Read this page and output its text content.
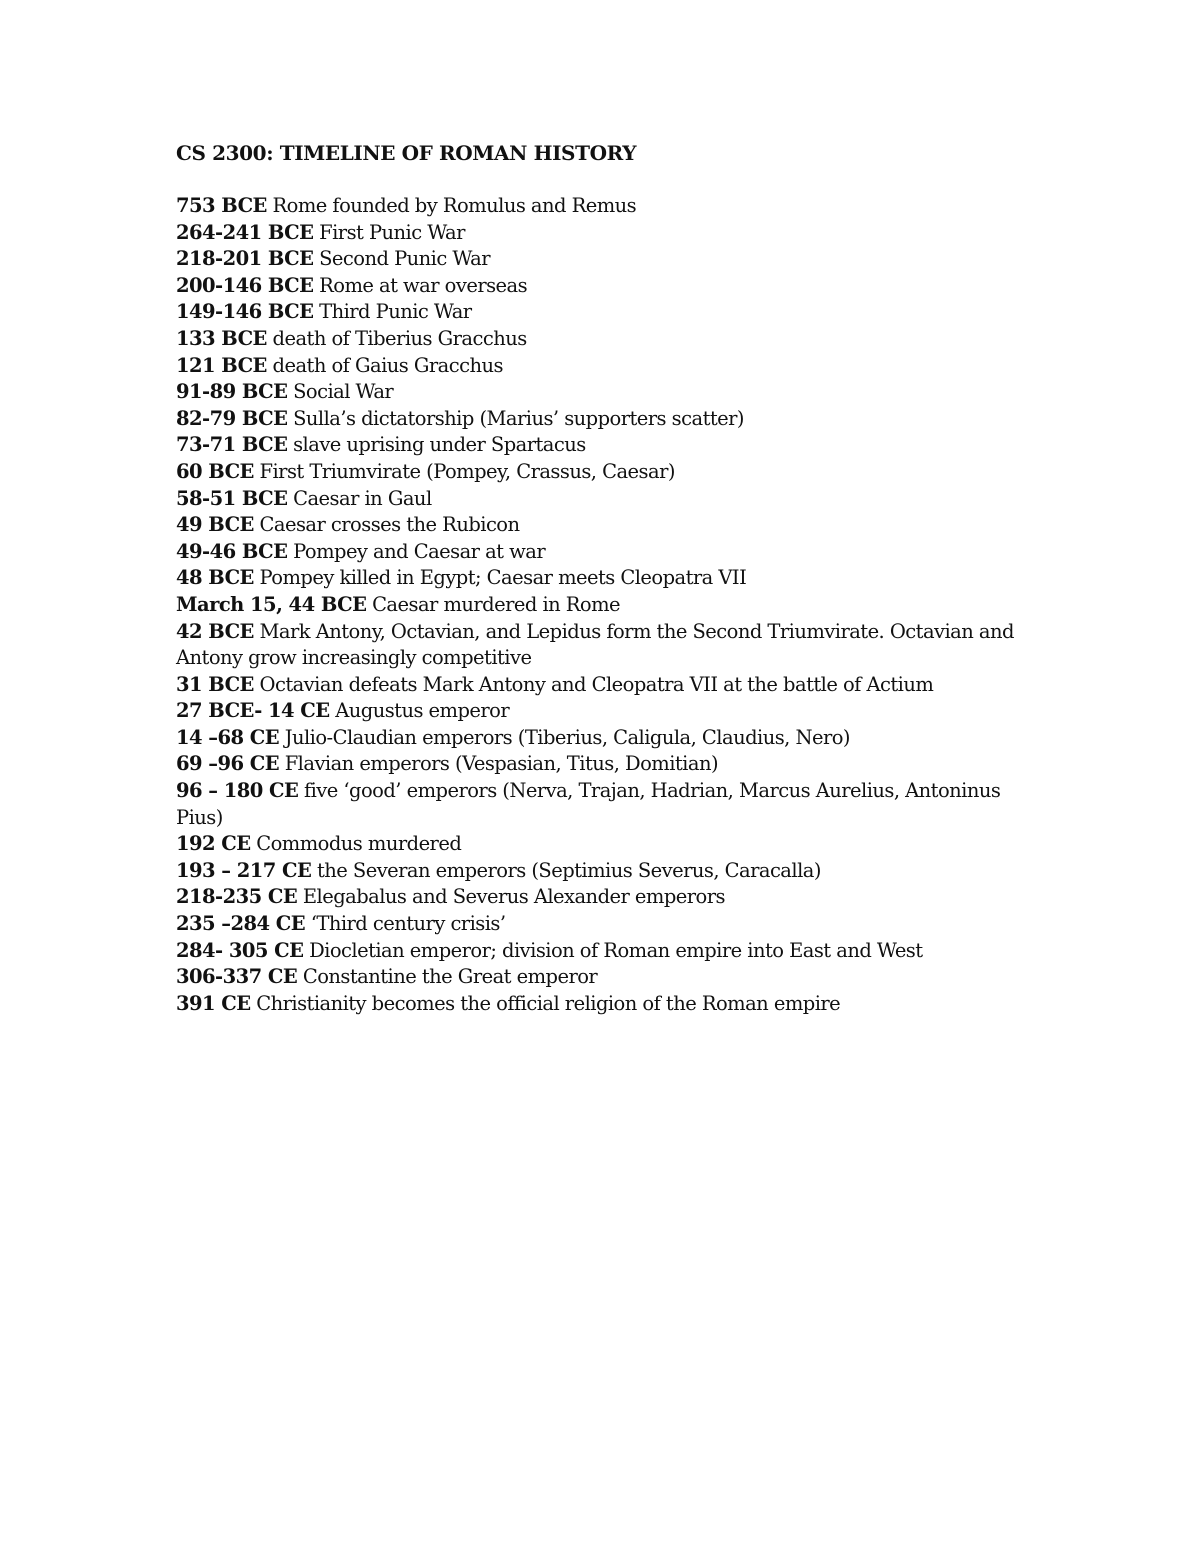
CS 2300: TIMELINE OF ROMAN HISTORY
753 BCE Rome founded by Romulus and Remus
264-241 BCE First Punic War
218-201 BCE Second Punic War
200-146 BCE Rome at war overseas
149-146 BCE Third Punic War
133 BCE death of Tiberius Gracchus
121 BCE death of Gaius Gracchus
91-89 BCE Social War
82-79 BCE Sulla’s dictatorship (Marius’ supporters scatter)
73-71 BCE slave uprising under Spartacus
60 BCE First Triumvirate (Pompey, Crassus, Caesar)
58-51 BCE Caesar in Gaul
49 BCE Caesar crosses the Rubicon
49-46 BCE Pompey and Caesar at war
48 BCE Pompey killed in Egypt; Caesar meets Cleopatra VII
March 15, 44 BCE Caesar murdered in Rome
42 BCE Mark Antony, Octavian, and Lepidus form the Second Triumvirate. Octavian and Antony grow increasingly competitive
31 BCE Octavian defeats Mark Antony and Cleopatra VII at the battle of Actium
27 BCE- 14 CE Augustus emperor
14 –68 CE Julio-Claudian emperors (Tiberius, Caligula, Claudius, Nero)
69 –96 CE Flavian emperors (Vespasian, Titus, Domitian)
96 – 180 CE five ‘good’ emperors (Nerva, Trajan, Hadrian, Marcus Aurelius, Antoninus Pius)
192 CE Commodus murdered
193 – 217 CE the Severan emperors (Septimius Severus, Caracalla)
218-235 CE Elegabalus and Severus Alexander emperors
235 –284 CE ‘Third century crisis’
284- 305 CE Diocletian emperor; division of Roman empire into East and West
306-337 CE Constantine the Great emperor
391 CE Christianity becomes the official religion of the Roman empire
